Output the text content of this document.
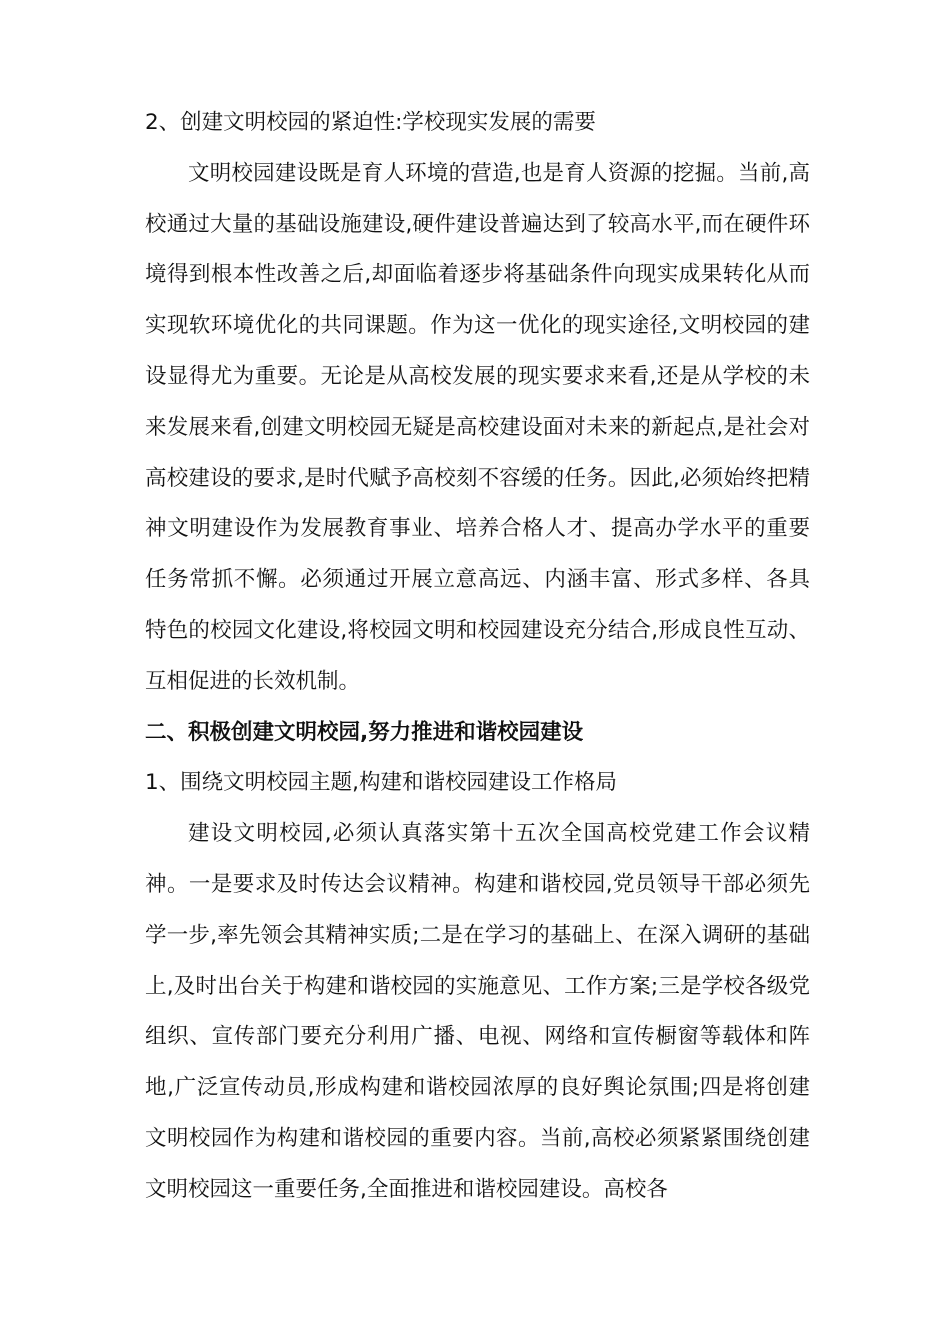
2、创建文明校园的紧迫性:学校现实发展的需要

文明校园建设既是育人环境的营造,也是育人资源的挖掘。当前,高校通过大量的基础设施建设,硬件建设普遍达到了较高水平,而在硬件环境得到根本性改善之后,却面临着逐步将基础条件向现实成果转化从而实现软环境优化的共同课题。作为这一优化的现实途径,文明校园的建设显得尤为重要。无论是从高校发展的现实要求来看,还是从学校的未来发展来看,创建文明校园无疑是高校建设面对未来的新起点,是社会对高校建设的要求,是时代赋予高校刻不容缓的任务。因此,必须始终把精神文明建设作为发展教育事业、培养合格人才、提高办学水平的重要任务常抓不懈。必须通过开展立意高远、内涵丰富、形式多样、各具特色的校园文化建设,将校园文明和校园建设充分结合,形成良性互动、互相促进的长效机制。

二、积极创建文明校园,努力推进和谐校园建设

1、围绕文明校园主题,构建和谐校园建设工作格局

建设文明校园,必须认真落实第十五次全国高校党建工作会议精神。一是要求及时传达会议精神。构建和谐校园,党员领导干部必须先学一步,率先领会其精神实质;二是在学习的基础上、在深入调研的基础上,及时出台关于构建和谐校园的实施意见、工作方案;三是学校各级党组织、宣传部门要充分利用广播、电视、网络和宣传橱窗等载体和阵地,广泛宣传动员,形成构建和谐校园浓厚的良好舆论氛围;四是将创建文明校园作为构建和谐校园的重要内容。当前,高校必须紧紧围绕创建文明校园这一重要任务,全面推进和谐校园建设。高校各
